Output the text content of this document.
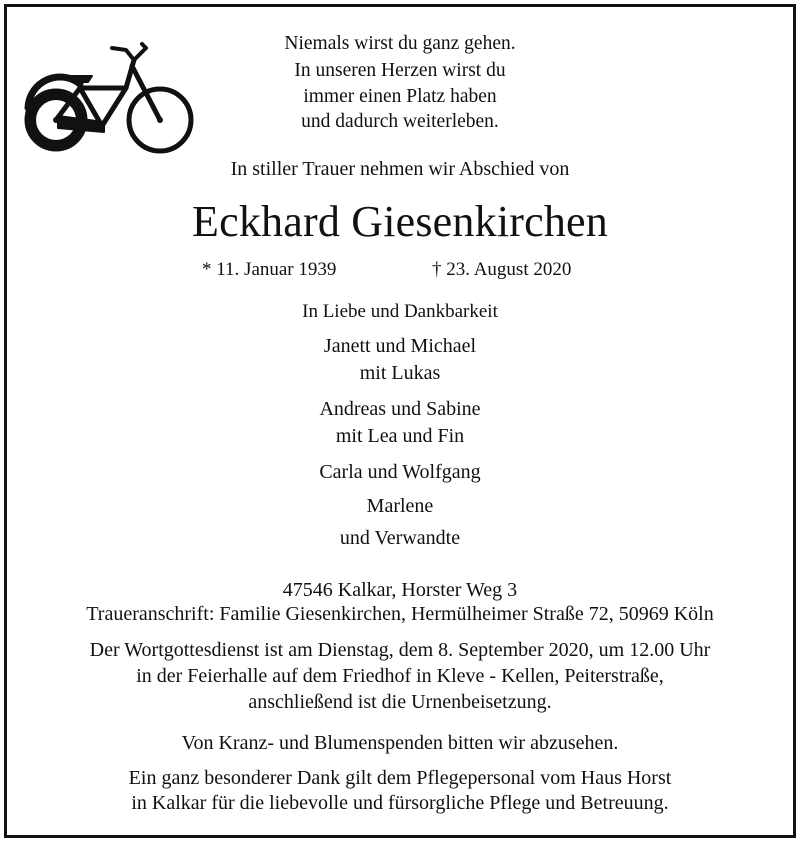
Niemals wirst du ganz gehen.
In unseren Herzen wirst du
immer einen Platz haben
und dadurch weiterleben.
In stiller Trauer nehmen wir Abschied von
Eckhard Giesenkirchen
* 11. Januar 1939	† 23. August 2020
In Liebe und Dankbarkeit
Janett und Michael
mit Lukas
Andreas und Sabine
mit Lea und Fin
Carla und Wolfgang
Marlene
und Verwandte
47546 Kalkar, Horster Weg 3
Traueranschrift: Familie Giesenkirchen, Hermülheimer Straße 72, 50969 Köln
Der Wortgottesdienst ist am Dienstag, dem 8. September 2020, um 12.00 Uhr
in der Feierhalle auf dem Friedhof in Kleve - Kellen, Peiterstraße,
anschließend ist die Urnenbeisetzung.
Von Kranz- und Blumenspenden bitten wir abzusehen.
Ein ganz besonderer Dank gilt dem Pflegepersonal vom Haus Horst
in Kalkar für die liebevolle und fürsorgliche Pflege und Betreuung.
